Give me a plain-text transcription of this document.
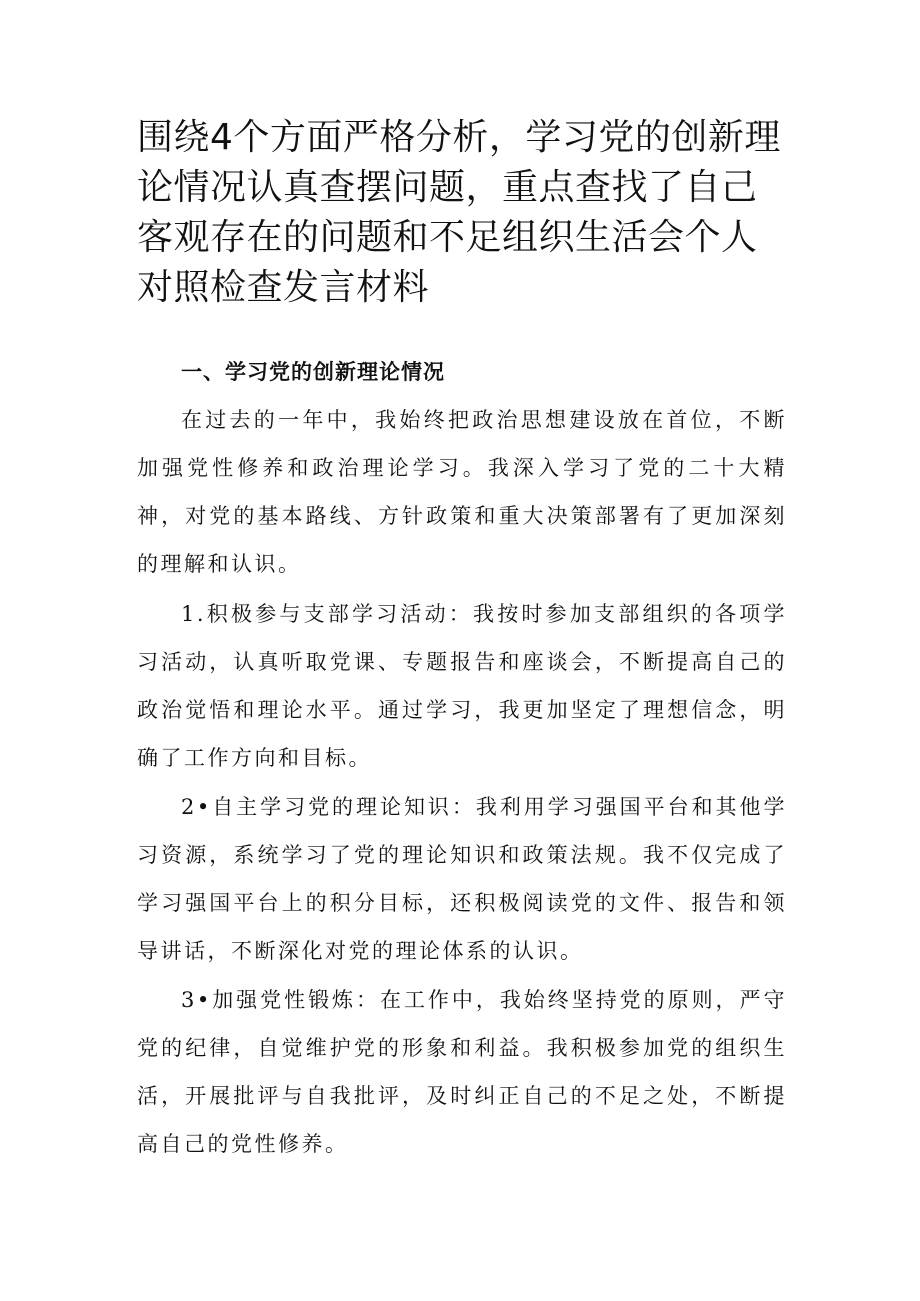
围绕4个方面严格分析，学习党的创新理论情况认真查摆问题，重点查找了自己客观存在的问题和不足组织生活会个人对照检查发言材料
一、学习党的创新理论情况

在过去的一年中，我始终把政治思想建设放在首位，不断加强党性修养和政治理论学习。我深入学习了党的二十大精神，对党的基本路线、方针政策和重大决策部署有了更加深刻的理解和认识。

1.积极参与支部学习活动：我按时参加支部组织的各项学习活动，认真听取党课、专题报告和座谈会，不断提高自己的政治觉悟和理论水平。通过学习，我更加坚定了理想信念，明确了工作方向和目标。

2•自主学习党的理论知识：我利用学习强国平台和其他学习资源，系统学习了党的理论知识和政策法规。我不仅完成了学习强国平台上的积分目标，还积极阅读党的文件、报告和领导讲话，不断深化对党的理论体系的认识。

3•加强党性锻炼：在工作中，我始终坚持党的原则，严守党的纪律，自觉维护党的形象和利益。我积极参加党的组织生活，开展批评与自我批评，及时纠正自己的不足之处，不断提高自己的党性修养。
